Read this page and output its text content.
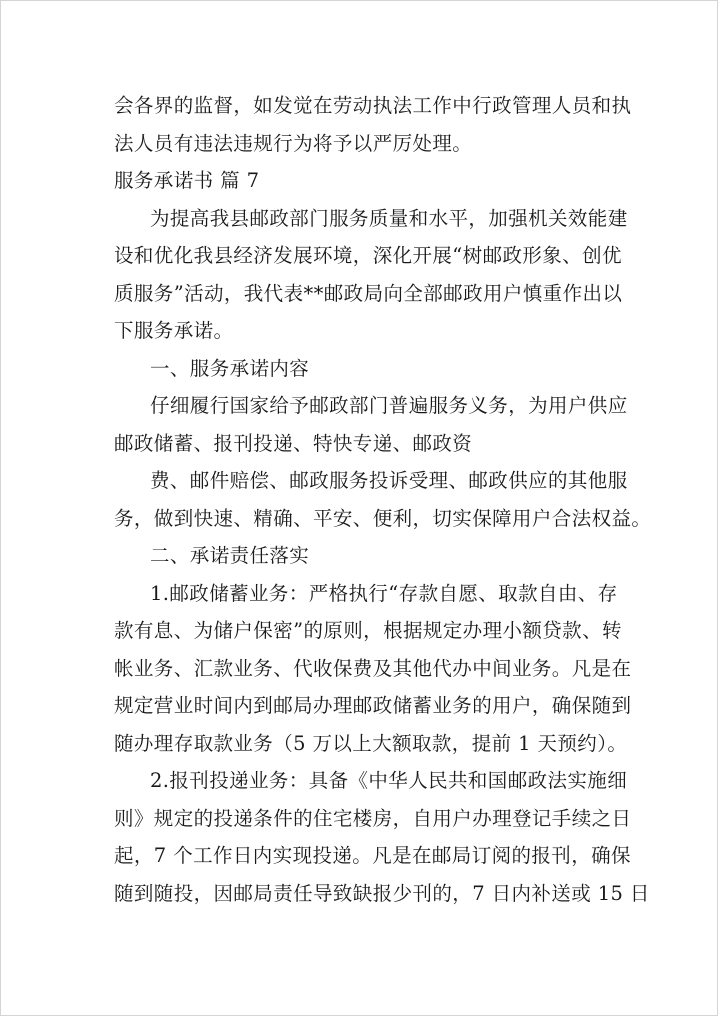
会各界的监督，如发觉在劳动执法工作中行政管理人员和执
法人员有违法违规行为将予以严厉处理。
服务承诺书 篇 7
为提高我县邮政部门服务质量和水平，加强机关效能建
设和优化我县经济发展环境，深化开展“树邮政形象、创优
质服务”活动，我代表**邮政局向全部邮政用户慎重作出以
下服务承诺。
一、服务承诺内容
仔细履行国家给予邮政部门普遍服务义务，为用户供应
邮政储蓄、报刊投递、特快专递、邮政资
费、邮件赔偿、邮政服务投诉受理、邮政供应的其他服
务，做到快速、精确、平安、便利，切实保障用户合法权益。
二、承诺责任落实
1.邮政储蓄业务：严格执行“存款自愿、取款自由、存
款有息、为储户保密”的原则，根据规定办理小额贷款、转
帐业务、汇款业务、代收保费及其他代办中间业务。凡是在
规定营业时间内到邮局办理邮政储蓄业务的用户，确保随到
随办理存取款业务（5 万以上大额取款，提前 1 天预约）。
2.报刊投递业务：具备《中华人民共和国邮政法实施细
则》规定的投递条件的住宅楼房，自用户办理登记手续之日
起，7 个工作日内实现投递。凡是在邮局订阅的报刊，确保
随到随投，因邮局责任导致缺报少刊的，7 日内补送或 15 日
